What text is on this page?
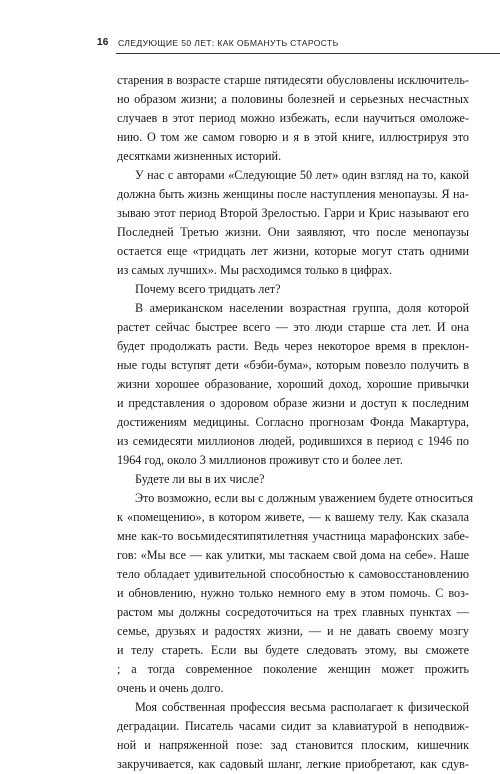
16 СЛЕДУЮЩИЕ 50 ЛЕТ: КАК ОБМАНУТЬ СТАРОСТЬ
старения в возрасте старше пятидесяти обусловлены исключитель-
но образом жизни; а половины болезней и серьезных несчастных
случаев в этот период можно избежать, если научиться омоложе-
нию. О том же самом говорю и я в этой книге, иллюстрируя это
десятками жизненных историй.
У нас с авторами «Следующие 50 лет» один взгляд на то, какой
должна быть жизнь женщины после наступления менопаузы. Я на-
зываю этот период Второй Зрелостью. Гарри и Крис называют его
Последней Третью жизни. Они заявляют, что после менопаузы
остается еще «тридцать лет жизни, которые могут стать одними
из самых лучших». Мы расходимся только в цифрах.
Почему всего тридцать лет?
В американском населении возрастная группа, доля которой
растет сейчас быстрее всего — это люди старше ста лет. И она
будет продолжать расти. Ведь через некоторое время в преклон-
ные годы вступят дети «бэби-бума», которым повезло получить в
жизни хорошее образование, хороший доход, хорошие привычки
и представления о здоровом образе жизни и доступ к последним
достижениям медицины. Согласно прогнозам Фонда Макартура,
из семидесяти миллионов людей, родившихся в период с 1946 по
1964 год, около 3 миллионов проживут сто и более лет.
Будете ли вы в их числе?
Это возможно, если вы с должным уважением будете относиться
к «помещению», в котором живете, — к вашему телу. Как сказала
мне как-то восьмидесятипятилетняя участница марафонских забе-
гов: «Мы все — как улитки, мы таскаем свой дома на себе». Наше
тело обладает удивительной способностью к самовосстановлению
и обновлению, нужно только немного ему в этом помочь. С воз-
растом мы должны сосредоточиться на трех главных пунктах —
семье, друзьях и радостях жизни, — и не давать своему мозгу
и телу стареть. Если вы будете следовать этому, вы сможете
; а тогда современное поколение женщин может прожить
очень и очень долго.
Моя собственная профессия весьма располагает к физической
деградации. Писатель часами сидит за клавиатурой в неподвиж-
ной и напряженной позе: зад становится плоским, кишечник
закручивается, как садовый шланг, легкие приобретают, как сдув-
